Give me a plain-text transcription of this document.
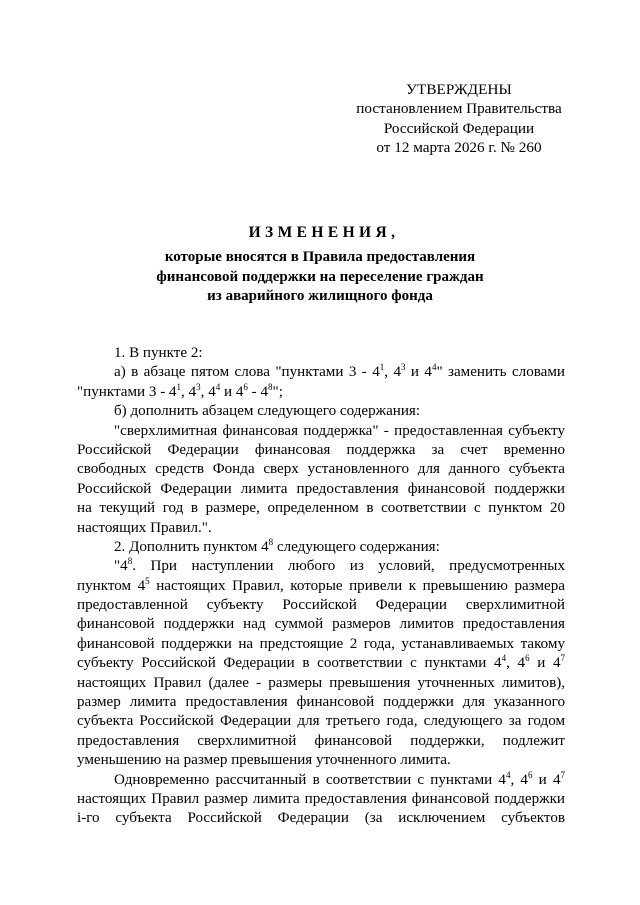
УТВЕРЖДЕНЫ
постановлением Правительства
Российской Федерации
от 12 марта 2026 г. № 260
ИЗМЕНЕНИЯ,
которые вносятся в Правила предоставления
финансовой поддержки на переселение граждан
из аварийного жилищного фонда
1. В пункте 2:
а) в абзаце пятом слова "пунктами $3 - 4^1$, $4^3$ и $4^4$" заменить словами
"пунктами $3 - 4^1$, $4^3$, $4^4$ и $4^6 - 4^8$";
б) дополнить абзацем следующего содержания:
"сверхлимитная финансовая поддержка" - предоставленная субъекту
Российской Федерации финансовая поддержка за счет временно
свободных средств Фонда сверх установленного для данного субъекта
Российской Федерации лимита предоставления финансовой поддержки
на текущий год в размере, определенном в соответствии с пунктом 20
настоящих Правил.".
2. Дополнить пунктом $4^8$ следующего содержания:
"$4^8$. При наступлении любого из условий, предусмотренных
пунктом $4^5$ настоящих Правил, которые привели к превышению размера
предоставленной субъекту Российской Федерации сверхлимитной
финансовой поддержки над суммой размеров лимитов предоставления
финансовой поддержки на предстоящие 2 года, устанавливаемых такому
субъекту Российской Федерации в соответствии с пунктами $4^4$, $4^6$ и $4^7$
настоящих Правил (далее - размеры превышения уточненных лимитов),
размер лимита предоставления финансовой поддержки для указанного
субъекта Российской Федерации для третьего года, следующего за годом
предоставления сверхлимитной финансовой поддержки, подлежит
уменьшению на размер превышения уточненного лимита.
Одновременно рассчитанный в соответствии с пунктами $4^4$, $4^6$ и $4^7$
настоящих Правил размер лимита предоставления финансовой поддержки
i-го субъекта Российской Федерации (за исключением субъектов
